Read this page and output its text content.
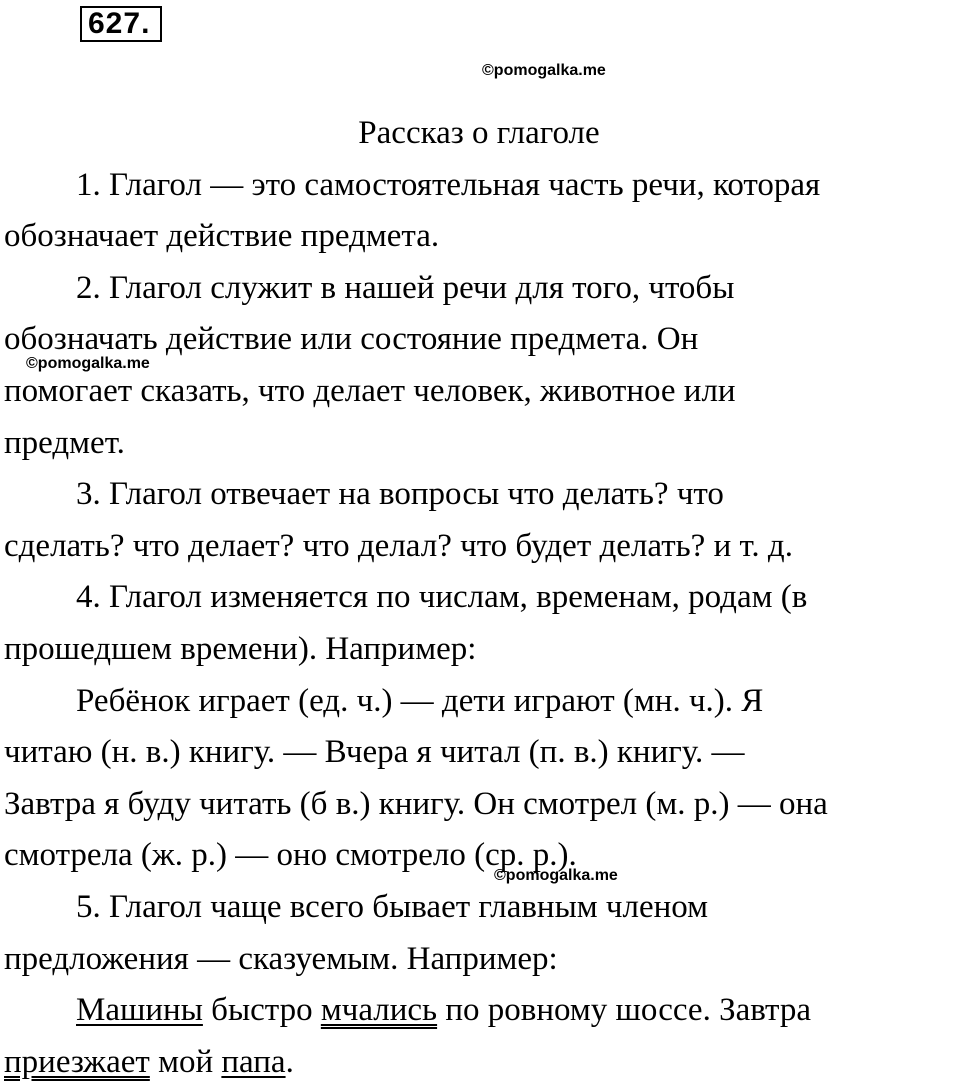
627.
©pomogalka.me
©pomogalka.me
©pomogalka.me
Рассказ о глаголе
1. Глагол — это самостоятельная часть речи, которая
обозначает действие предмета.
2. Глагол служит в нашей речи для того, чтобы
обозначать действие или состояние предмета. Он
помогает сказать, что делает человек, животное или
предмет.
3. Глагол отвечает на вопросы что делать? что
сделать? что делает? что делал? что будет делать? и т. д.
4. Глагол изменяется по числам, временам, родам (в
прошедшем времени). Например:
Ребёнок играет (ед. ч.) — дети играют (мн. ч.). Я
читаю (н. в.) книгу. — Вчера я читал (п. в.) книгу. —
Завтра я буду читать (б в.) книгу. Он смотрел (м. р.) — она
смотрела (ж. р.) — оно смотрело (ср. р.).
5. Глагол чаще всего бывает главным членом
предложения — сказуемым. Например:
Машины быстро мчались по ровному шоссе. Завтра
приезжает мой папа.
